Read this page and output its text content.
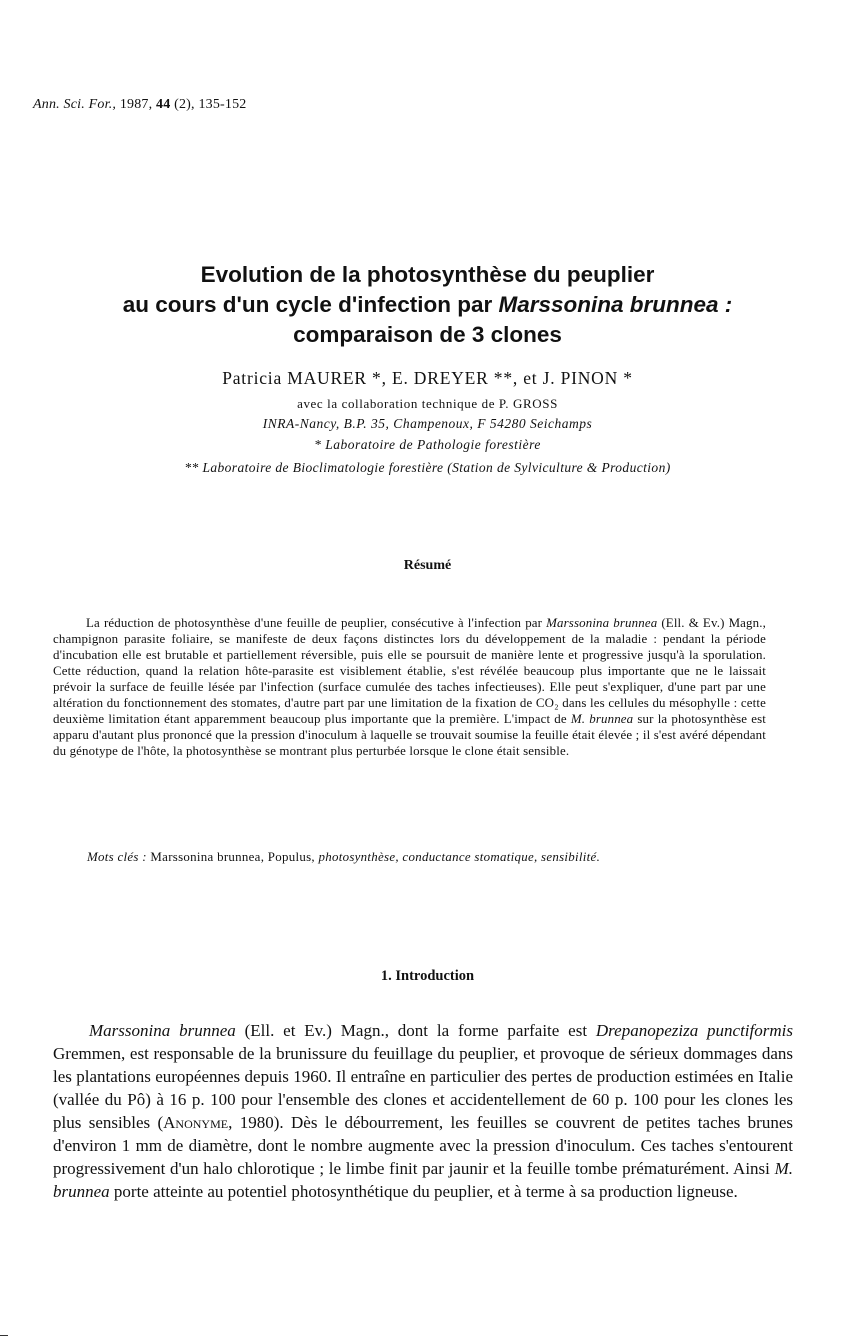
Ann. Sci. For., 1987, 44 (2), 135-152
Evolution de la photosynthèse du peuplier
au cours d'un cycle d'infection par Marssonina brunnea :
comparaison de 3 clones
Patricia MAURER *, E. DREYER **, et J. PINON *
avec la collaboration technique de P. GROSS
INRA-Nancy, B.P. 35, Champenoux, F 54280 Seichamps
* Laboratoire de Pathologie forestière
** Laboratoire de Bioclimatologie forestière (Station de Sylviculture & Production)
Résumé

La réduction de photosynthèse d'une feuille de peuplier, consécutive à l'infection par Marssonina brunnea (Ell. & Ev.) Magn., champignon parasite foliaire, se manifeste de deux façons distinctes lors du développement de la maladie : pendant la période d'incubation elle est brutable et partiellement réversible, puis elle se poursuit de manière lente et progressive jusqu'à la sporulation. Cette réduction, quand la relation hôte-parasite est visiblement établie, s'est révélée beaucoup plus importante que ne le laissait prévoir la surface de feuille lésée par l'infection (surface cumulée des taches infectieuses). Elle peut s'expliquer, d'une part par une altération du fonctionnement des stomates, d'autre part par une limitation de la fixation de CO₂ dans les cellules du mésophylle : cette deuxième limitation étant apparemment beaucoup plus importante que la première. L'impact de M. brunnea sur la photosynthèse est apparu d'autant plus prononcé que la pression d'inoculum à laquelle se trouvait soumise la feuille était élevée ; il s'est avéré dépendant du génotype de l'hôte, la photosynthèse se montrant plus perturbée lorsque le clone était sensible.

Mots clés : Marssonina brunnea, Populus, photosynthèse, conductance stomatique, sensibilité.
1. Introduction

Marssonina brunnea (Ell. et Ev.) Magn., dont la forme parfaite est Drepanopeziza punctiformis Gremmen, est responsable de la brunissure du feuillage du peuplier, et provoque de sérieux dommages dans les plantations européennes depuis 1960. Il entraîne en particulier des pertes de production estimées en Italie (vallée du Pô) à 16 p. 100 pour l'ensemble des clones et accidentellement de 60 p. 100 pour les clones les plus sensibles (Anonyme, 1980). Dès le débourrement, les feuilles se couvrent de petites taches brunes d'environ 1 mm de diamètre, dont le nombre augmente avec la pression d'inoculum. Ces taches s'entourent progressivement d'un halo chlorotique ; le limbe finit par jaunir et la feuille tombe prématurément. Ainsi M. brunnea porte atteinte au potentiel photosynthétique du peuplier, et à terme à sa production ligneuse.
